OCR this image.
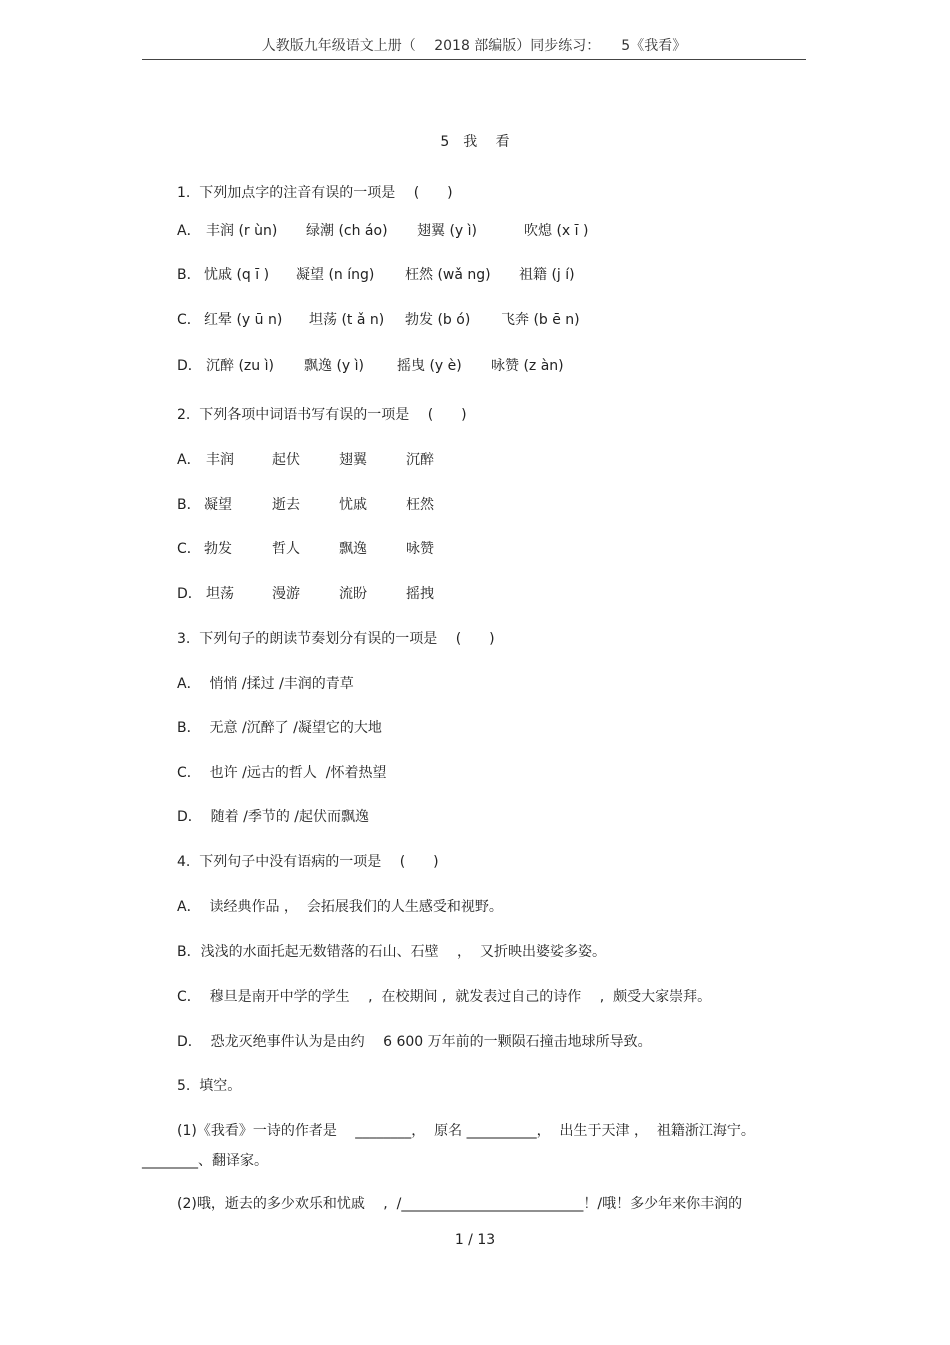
人教版九年级语文上册（　 2018 部编版）同步练习：　　5《我看》
5　我　 看
1.  下列加点字的注音有误的一项是　 (　　)
A． 丰润 (r ùn)	绿潮 (ch áo)	翅翼 (y ì)	吹熄 (x ī )
B． 忧戚 (q ī )	凝望 (n íng)	枉然 (wǎ ng)	祖籍 (j í)
C． 红晕 (y ū n)	坦荡 (t ǎ n)	勃发 (b ó)	飞奔 (b ē n)
D． 沉醉 (zu ì)	飘逸 (y ì)	摇曳 (y è)	咏赞 (z àn)
2.  下列各项中词语书写有误的一项是　 (　　)
A． 丰润	起伏	翅翼	沉醉
B． 凝望	逝去	忧戚	枉然
C． 勃发	哲人	飘逸	咏赞
D． 坦荡	漫游	流盼	摇拽
3.  下列句子的朗读节奏划分有误的一项是　 (　　)
A．  悄悄 /揉过 /丰润的青草
B．  无意 /沉醉了 /凝望它的大地
C．  也许 /远古的哲人  /怀着热望
D．  随着 /季节的 /起伏而飘逸
4.  下列句子中没有语病的一项是　 (　　)
A．  读经典作品 ，  会拓展我们的人生感受和视野。
B．浅浅的水面托起无数错落的石山、石壁　 ，  又折映出婆娑多姿。
C．  穆旦是南开中学的学生　 ,  在校期间 ,  就发表过自己的诗作　 ,  颇受大家崇拜。
D．  恐龙灭绝事件认为是由约　 6 600 万年前的一颗陨石撞击地球所导致。
5.  填空。
(1)《我看》一诗的作者是　 ________，  原名 __________，  出生于天津 ，  祖籍浙江海宁。
________、翻译家。
(2)哦，逝去的多少欢乐和忧戚　 ,  /__________________________！/哦！多少年来你丰润的
1 / 13
